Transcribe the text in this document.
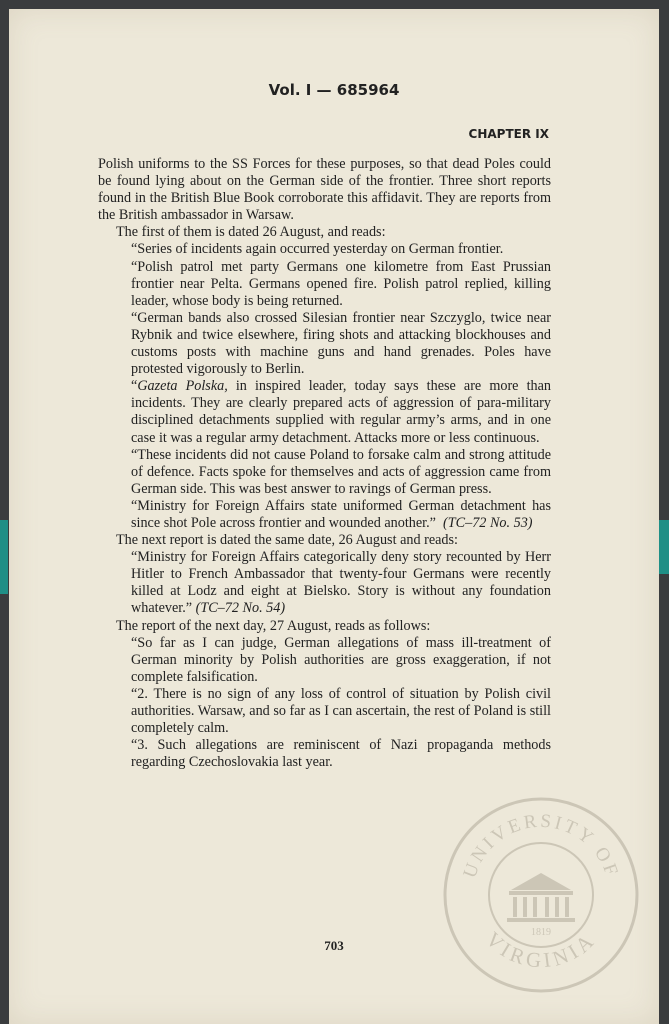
Vol. I — 685964
CHAPTER IX

Polish uniforms to the SS Forces for these purposes, so that dead Poles could be found lying about on the German side of the frontier. Three short reports found in the British Blue Book corroborate this affidavit. They are reports from the British ambassador in Warsaw.

The first of them is dated 26 August, and reads:

“Series of incidents again occurred yesterday on German frontier.

“Polish patrol met party Germans one kilometre from East Prussian frontier near Pelta. Germans opened fire. Polish patrol replied, killing leader, whose body is being returned.

“German bands also crossed Silesian frontier near Szczyglo, twice near Rybnik and twice elsewhere, firing shots and attacking blockhouses and customs posts with machine guns and hand grenades. Poles have protested vigorously to Berlin.

“Gazeta Polska, in inspired leader, today says these are more than incidents. They are clearly prepared acts of aggression of para-military disciplined detachments supplied with regular army’s arms, and in one case it was a regular army detachment. Attacks more or less continuous.

“These incidents did not cause Poland to forsake calm and strong attitude of defence. Facts spoke for themselves and acts of aggression came from German side. This was best answer to ravings of German press.

“Ministry for Foreign Affairs state uniformed German detachment has since shot Pole across frontier and wounded another.” (TC–72 No. 53)

The next report is dated the same date, 26 August and reads:

“Ministry for Foreign Affairs categorically deny story recounted by Herr Hitler to French Ambassador that twenty-four Germans were recently killed at Lodz and eight at Bielsko. Story is without any foundation whatever.” (TC–72 No. 54)

The report of the next day, 27 August, reads as follows:

“So far as I can judge, German allegations of mass ill-treatment of German minority by Polish authorities are gross exaggeration, if not complete falsification.

“2. There is no sign of any loss of control of situation by Polish civil authorities. Warsaw, and so far as I can ascertain, the rest of Poland is still completely calm.

“3. Such allegations are reminiscent of Nazi propaganda methods regarding Czechoslovakia last year.

703
UNIVERSITY OF
VIRGINIA
1819
